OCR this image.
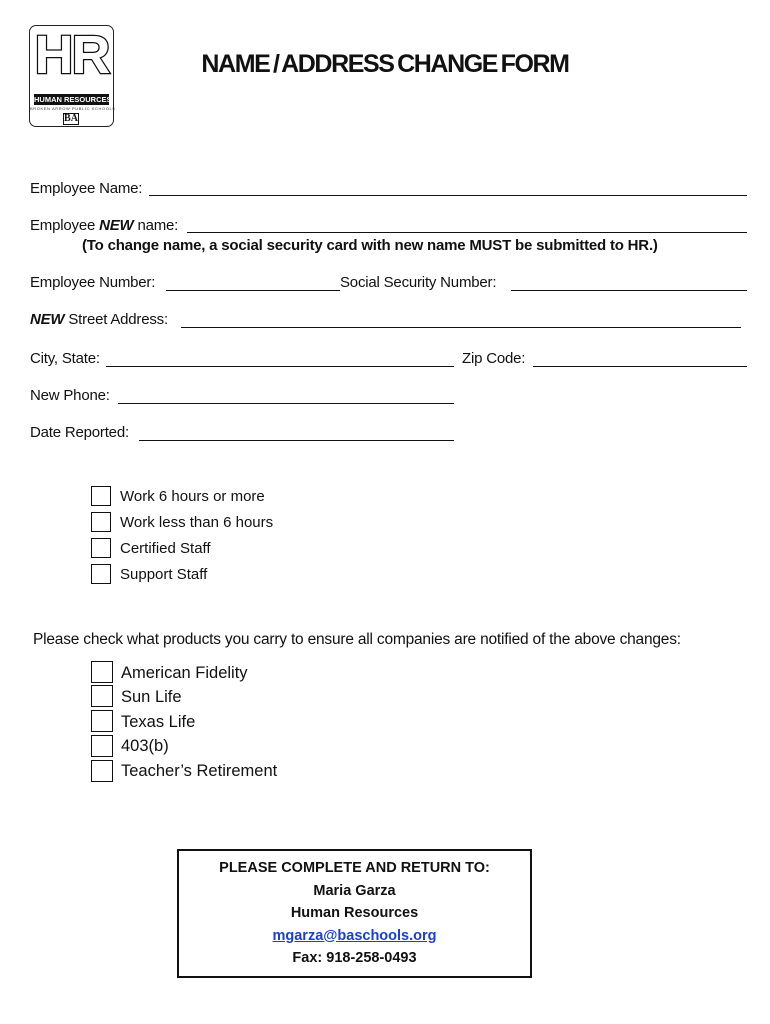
HR
HUMAN RESOURCES
BROKEN ARROW PUBLIC SCHOOLS
BA
NAME / ADDRESS CHANGE FORM
Employee Name:
Employee NEW name:
(To change name, a social security card with new name MUST be submitted to HR.)
Employee Number:	Social Security Number:
NEW Street Address:
City, State:	Zip Code:
New Phone:
Date Reported:
Work 6 hours or more
Work less than 6 hours
Certified Staff
Support Staff
Please check what products you carry to ensure all companies are notified of the above changes:
American Fidelity
Sun Life
Texas Life
403(b)
Teacher’s Retirement
PLEASE COMPLETE AND RETURN TO:
Maria Garza
Human Resources
mgarza@baschools.org
Fax: 918-258-0493
